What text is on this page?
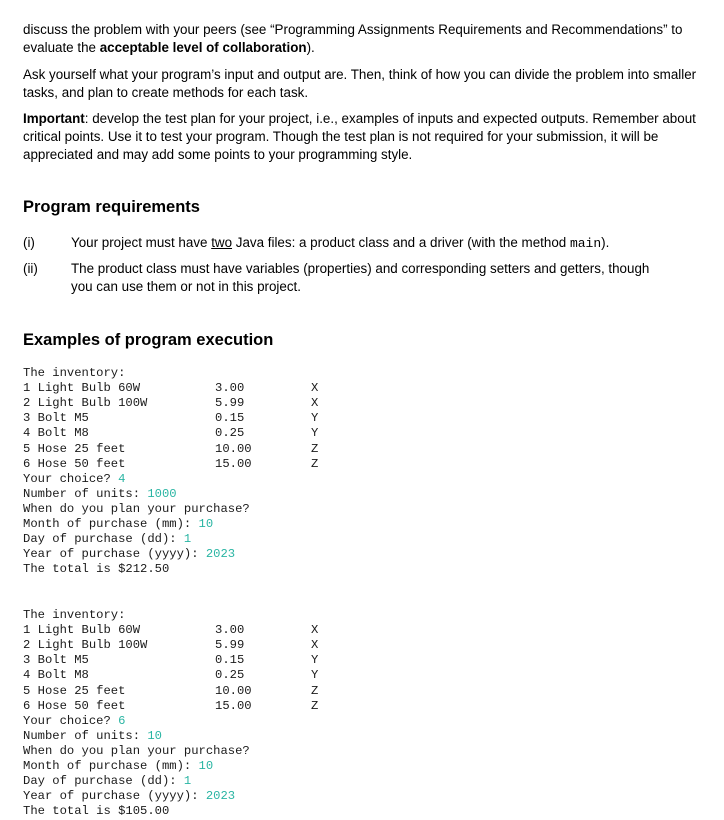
discuss the problem with your peers (see “Programming Assignments Requirements and Recommendations” to evaluate the acceptable level of collaboration).

Ask yourself what your program’s input and output are. Then, think of how you can divide the problem into smaller tasks, and plan to create methods for each task.

Important: develop the test plan for your project, i.e., examples of inputs and expected outputs. Remember about critical points. Use it to test your program. Though the test plan is not required for your submission, it will be appreciated and may add some points to your programming style.

Program requirements
(i)	Your project must have two Java files: a product class and a driver (with the method main).
(ii) The product class must have variables (properties) and corresponding setters and getters, though you can use them or not in this project.
Examples of program execution
The inventory:
1 Light Bulb 60W	3.00	X
2 Light Bulb 100W	5.99	X
3 Bolt M5	0.15	Y
4 Bolt M8	0.25	Y
5 Hose 25 feet	10.00	Z
6 Hose 50 feet	15.00	Z
Your choice? 4
Number of units: 1000
When do you plan your purchase?
Month of purchase (mm): 10
Day of purchase (dd): 1
Year of purchase (yyyy): 2023
The total is $212.50
The inventory:
1 Light Bulb 60W	3.00	X
2 Light Bulb 100W	5.99	X
3 Bolt M5	0.15	Y
4 Bolt M8	0.25	Y
5 Hose 25 feet	10.00	Z
6 Hose 50 feet	15.00	Z
Your choice? 6
Number of units: 10
When do you plan your purchase?
Month of purchase (mm): 10
Day of purchase (dd): 1
Year of purchase (yyyy): 2023
The total is $105.00
